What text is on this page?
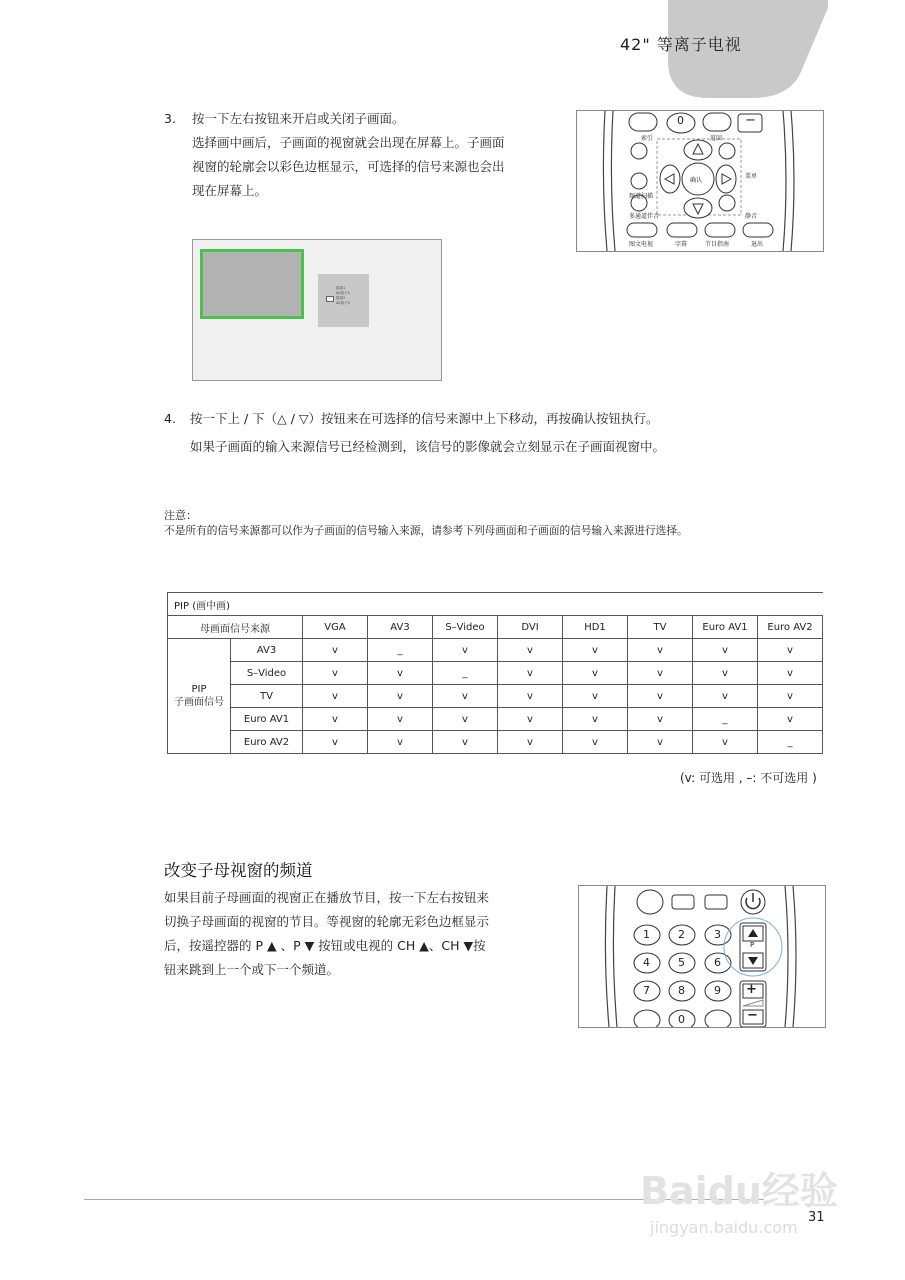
42" 等离子电视
3. 按一下左右按钮来开启或关闭子画面。

选择画中画后，子画面的视窗就会出现在屏幕上。子画面

视窗的轮廓会以彩色边框显示，可选择的信号来源也会出

现在屏幕上。

0	−
索引	返回
频道扫描
菜单
确认
多通道伴音	静音
图文电视	字幕	节目指南	退出
数源1
AV源子1
数源2
AV源子2
4. 按一下上 / 下（△ / ▽）按钮来在可选择的信号来源中上下移动，再按确认按钮执行。

如果子画面的输入来源信号已经检测到，该信号的影像就会立刻显示在子画面视窗中。

注意：
不是所有的信号来源都可以作为子画面的信号输入来源，请参考下列母画面和子画面的信号输入来源进行选择。
PIP (画中画)									
母画面信号来源		VGA	AV3	S–Video	DVI	HD1	TV	Euro AV1	Euro AV2
PIP
子画面信号	AV3	v	_	v	v	v	v	v	v
	S–Video	v	v	_	v	v	v	v	v
	TV	v	v	v	v	v	v	v	v
	Euro AV1	v	v	v	v	v	v	_	v
	Euro AV2	v	v	v	v	v	v	v	_
(v: 可选用 , –: 不可选用 )
改变子母视窗的频道

如果目前子母画面的视窗正在播放节目，按一下左右按钮来

切换子母画面的视窗的节目。等视窗的轮廓无彩色边框显示

后，按遥控器的 P ▲ 、P ▼ 按钮或电视的 CH ▲、CH ▼按

钮来跳到上一个或下一个频道。

1	2	3
4	5	6
7	8	9
0
P
+
−
Baidu经验
jingyan.baidu.com
31
